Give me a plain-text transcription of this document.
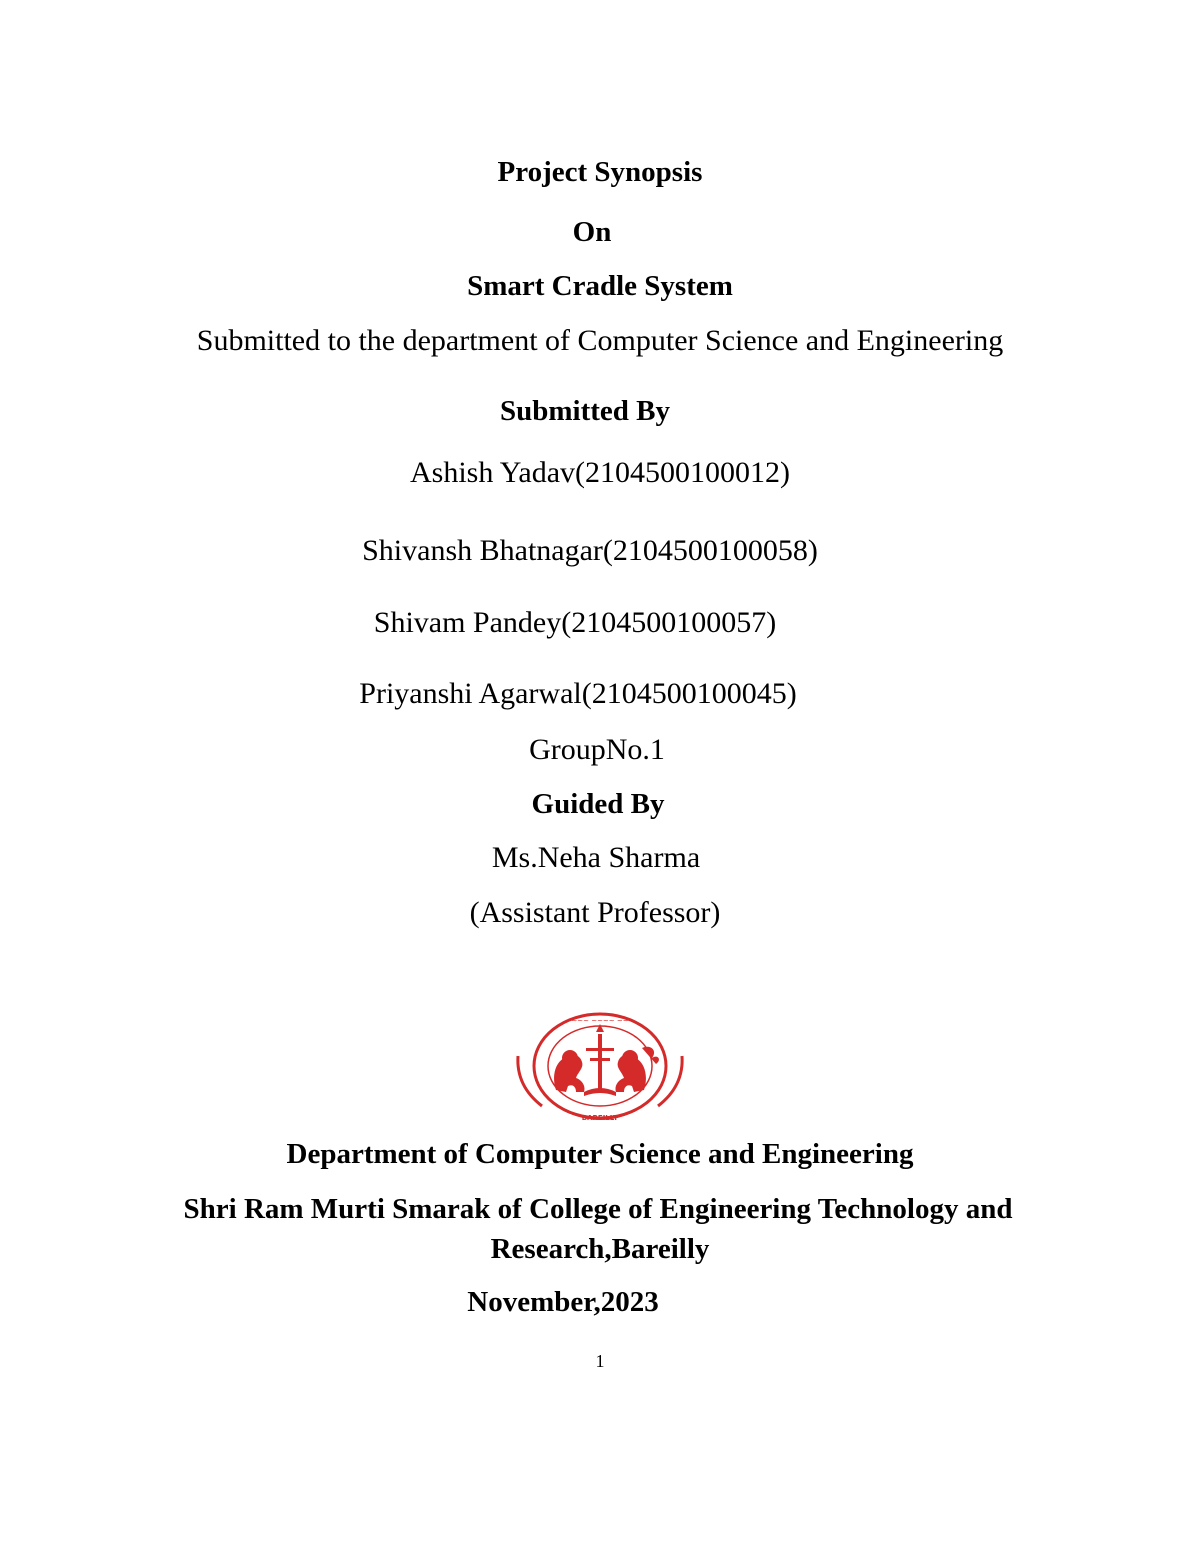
Project Synopsis
On
Smart Cradle System
Submitted to the department of Computer Science and Engineering
Submitted By
Ashish Yadav(2104500100012)
Shivansh Bhatnagar(2104500100058)
Shivam Pandey(2104500100057)
Priyanshi Agarwal(2104500100045)
GroupNo.1
Guided By
Ms.Neha Sharma
(Assistant Professor)
~~~~ ~~~~ ~~~
BAREILLY
Department of Computer Science and Engineering
Shri Ram Murti Smarak of College of Engineering Technology and
Research,Bareilly
November,2023
1
